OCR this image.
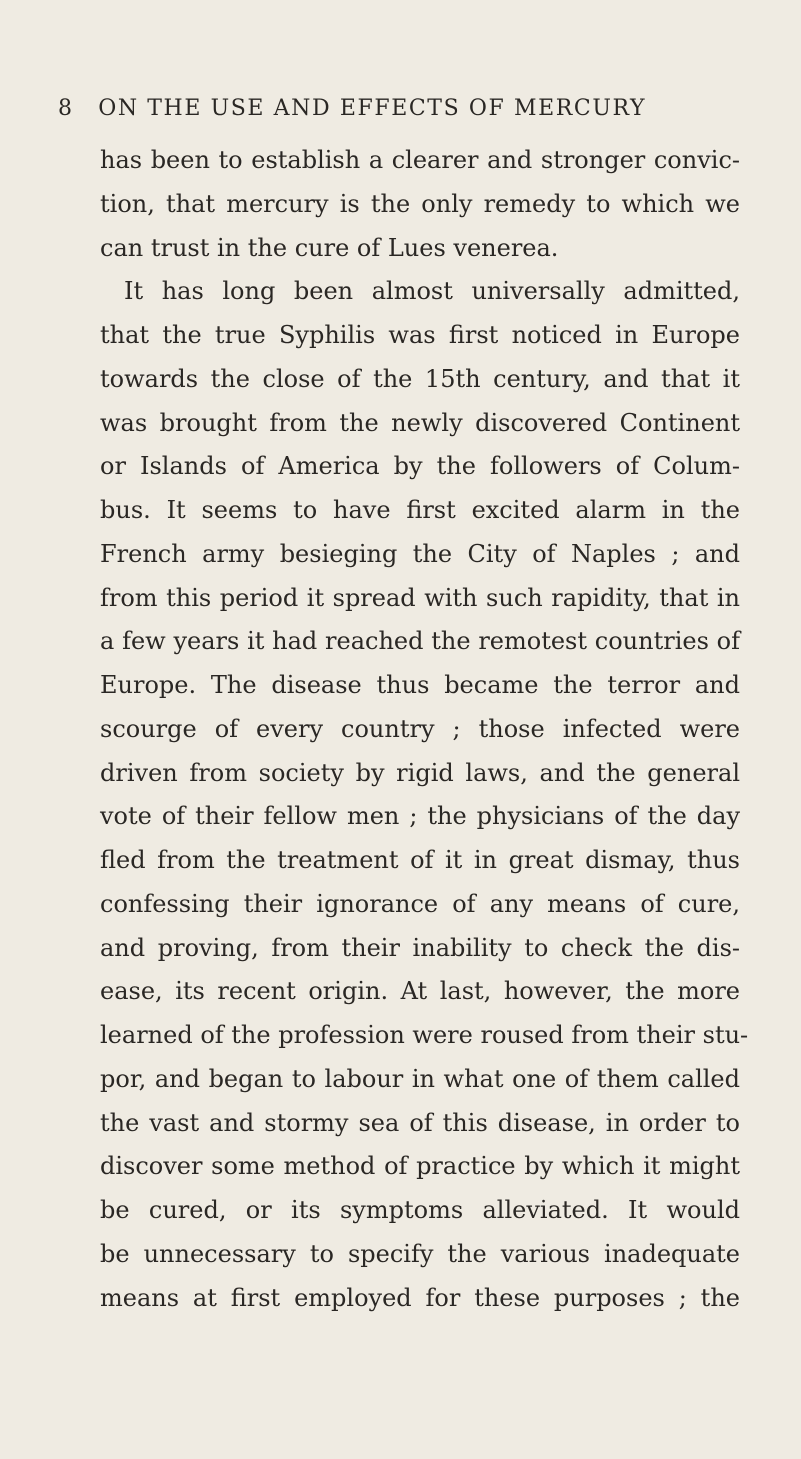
8 ON THE USE AND EFFECTS OF MERCURY
has been to establish a clearer and stronger convic-
tion, that mercury is the only remedy to which we
can trust in the cure of Lues venerea.
It has long been almost universally admitted,
that the true Syphilis was first noticed in Europe
towards the close of the 15th century, and that it
was brought from the newly discovered Continent
or Islands of America by the followers of Colum-
bus. It seems to have first excited alarm in the
French army besieging the City of Naples ; and
from this period it spread with such rapidity, that in
a few years it had reached the remotest countries of
Europe. The disease thus became the terror and
scourge of every country ; those infected were
driven from society by rigid laws, and the general
vote of their fellow men ; the physicians of the day
fled from the treatment of it in great dismay, thus
confessing their ignorance of any means of cure,
and proving, from their inability to check the dis-
ease, its recent origin. At last, however, the more
learned of the profession were roused from their stu-
por, and began to labour in what one of them called
the vast and stormy sea of this disease, in order to
discover some method of practice by which it might
be cured, or its symptoms alleviated. It would
be unnecessary to specify the various inadequate
means at first employed for these purposes ; the
